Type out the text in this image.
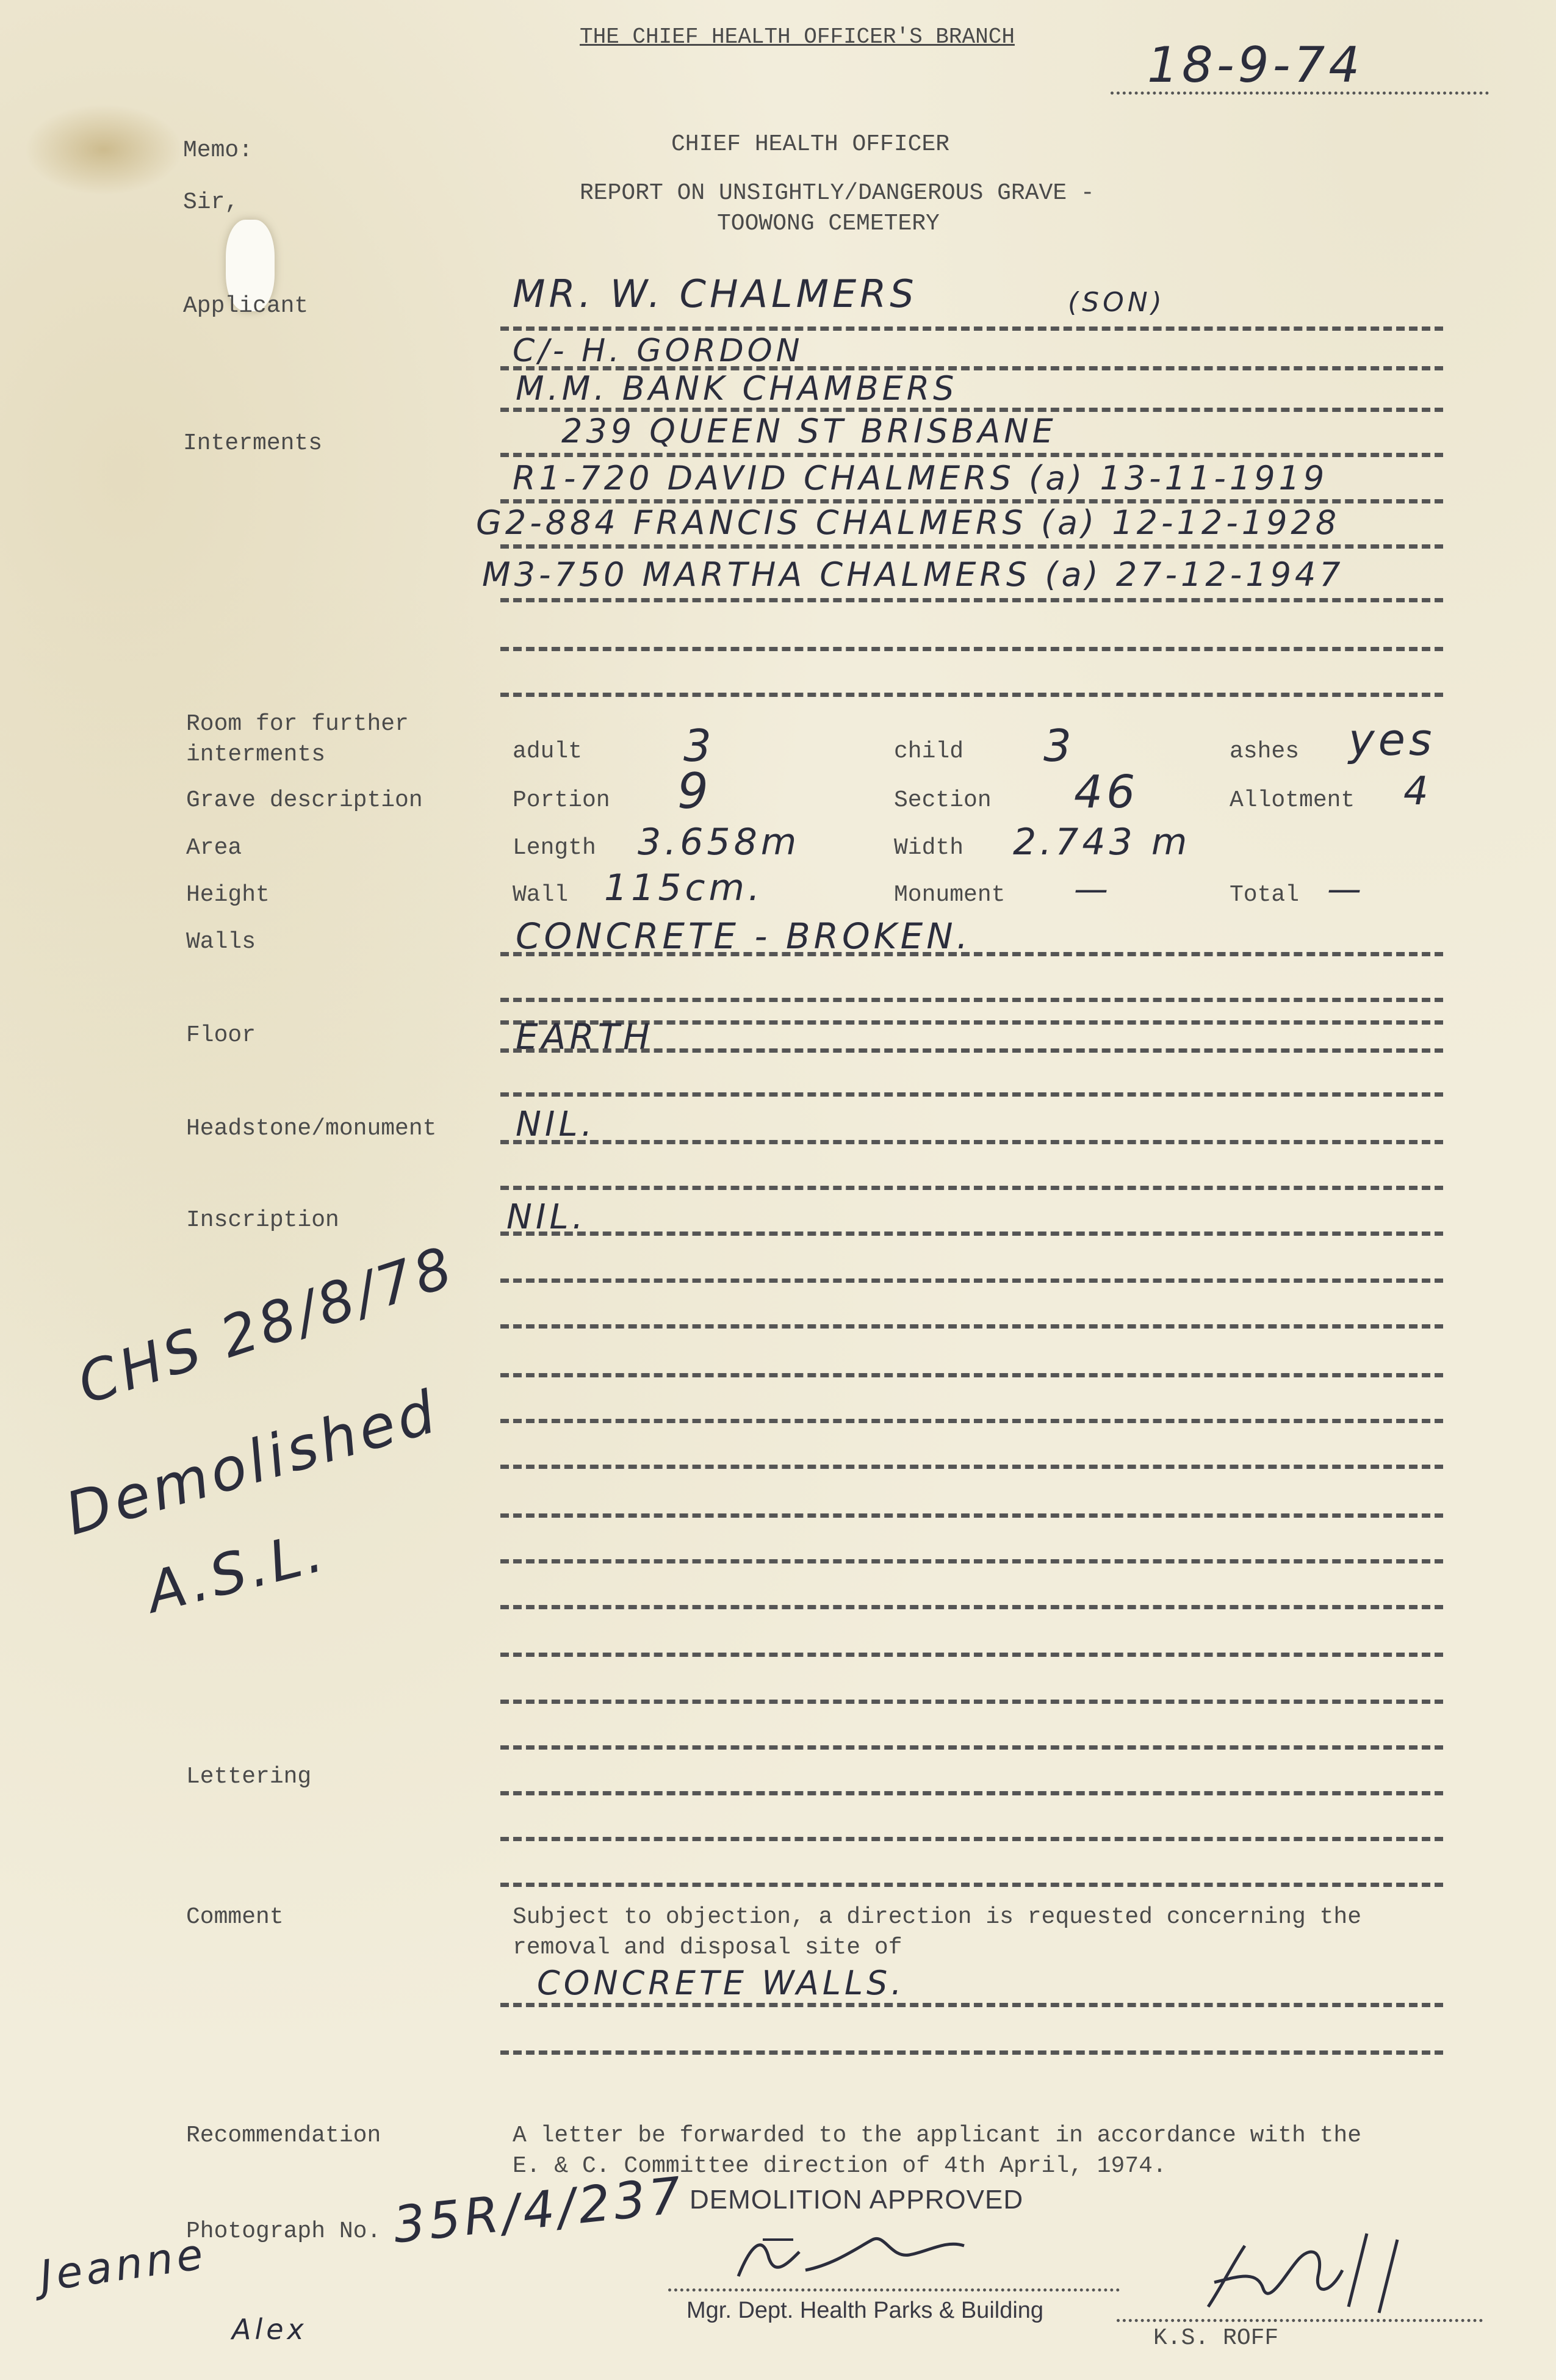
THE CHIEF HEALTH OFFICER'S BRANCH	18-9-74
Memo:
Sir,
CHIEF HEALTH OFFICER
REPORT ON UNSIGHTLY/DANGEROUS GRAVE -
TOOWONG CEMETERY
Applicant	MR. W. CHALMERS	(SON)
C/- H. GORDON
M.M. BANK CHAMBERS
239 QUEEN ST BRISBANE
Interments
R1-720 DAVID CHALMERS (a) 13-11-1919
G2-884 FRANCIS CHALMERS (a) 12-12-1928
M3-750 MARTHA CHALMERS (a) 27-12-1947
Room for further
interments	adult 3	child 3	ashes yes
Grave description	Portion 9	Section 46	Allotment 4
Area	Length 3.658m	Width 2.743 m
Height	Wall 115cm.	Monument —	Total —
Walls	CONCRETE - BROKEN.
Floor	EARTH
Headstone/monument NIL.
Inscription	NIL.
CHS 28/8/78
Demolished
A.S.L.
Lettering
Comment	Subject to objection, a direction is requested concerning the
removal and disposal site of
CONCRETE WALLS.
Recommendation	A letter be forwarded to the applicant in accordance with the
E. & C. Committee direction of 4th April, 1974.
DEMOLITION APPROVED
Mgr. Dept. Health Parks & Building
Photograph No. 35R/4/237
K.S. ROFF
Jeanne
Alex
